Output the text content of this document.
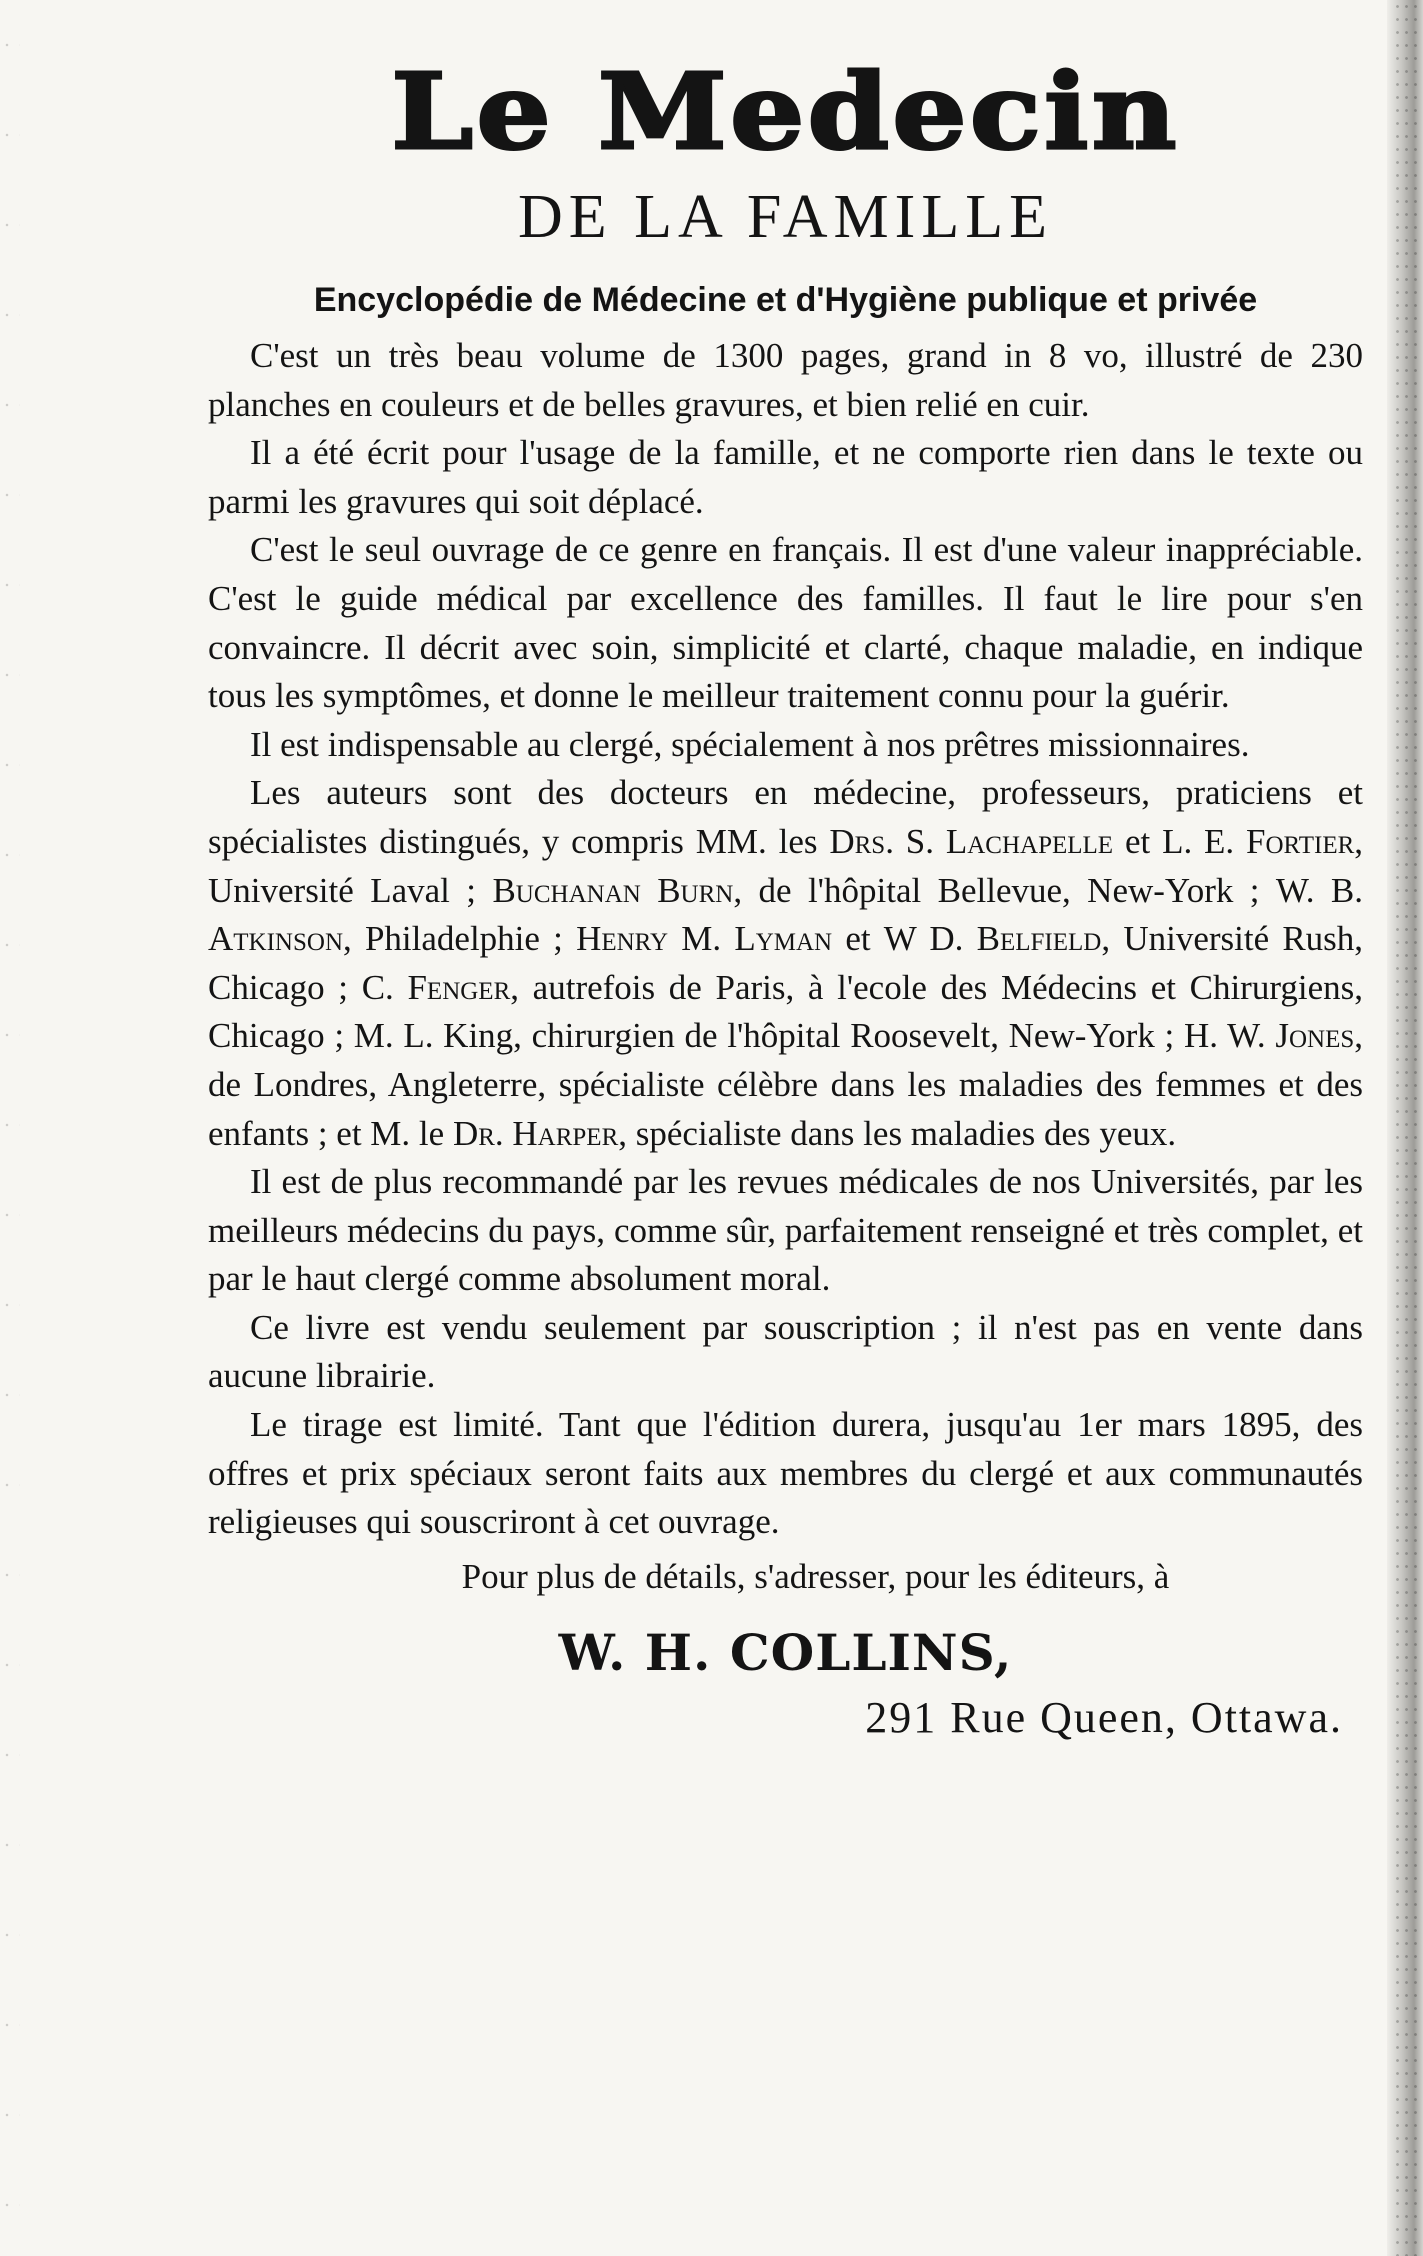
Le Medecin
DE LA FAMILLE
Encyclopédie de Médecine et d'Hygiène publique et privée

C'est un très beau volume de 1300 pages, grand in 8 vo, illustré de 230 planches en couleurs et de belles gravures, et bien relié en cuir.

Il a été écrit pour l'usage de la famille, et ne comporte rien dans le texte ou parmi les gravures qui soit déplacé.

C'est le seul ouvrage de ce genre en français. Il est d'une valeur inappréciable. C'est le guide médical par excellence des familles. Il faut le lire pour s'en convaincre. Il décrit avec soin, simplicité et clarté, chaque maladie, en indique tous les symptômes, et donne le meilleur traitement connu pour la guérir.

Il est indispensable au clergé, spécialement à nos prêtres missionnaires.

Les auteurs sont des docteurs en médecine, professeurs, praticiens et spécialistes distingués, y compris MM. les Drs. S. Lachapelle et L. E. Fortier, Université Laval ; Buchanan Burn, de l'hôpital Bellevue, New-York ; W. B. Atkinson, Philadelphie ; Henry M. Lyman et W D. Belfield, Université Rush, Chicago ; C. Fenger, autrefois de Paris, à l'ecole des Médecins et Chirurgiens, Chicago ; M. L. King, chirurgien de l'hôpital Roosevelt, New-York ; H. W. Jones, de Londres, Angleterre, spécialiste célèbre dans les maladies des femmes et des enfants ; et M. le Dr. Harper, spécialiste dans les maladies des yeux.

Il est de plus recommandé par les revues médicales de nos Universités, par les meilleurs médecins du pays, comme sûr, parfaitement renseigné et très complet, et par le haut clergé comme absolument moral.

Ce livre est vendu seulement par souscription ; il n'est pas en vente dans aucune librairie.

Le tirage est limité. Tant que l'édition durera, jusqu'au 1er mars 1895, des offres et prix spéciaux seront faits aux membres du clergé et aux communautés religieuses qui souscriront à cet ouvrage.

Pour plus de détails, s'adresser, pour les éditeurs, à
W. H. COLLINS,
291 Rue Queen, Ottawa.
